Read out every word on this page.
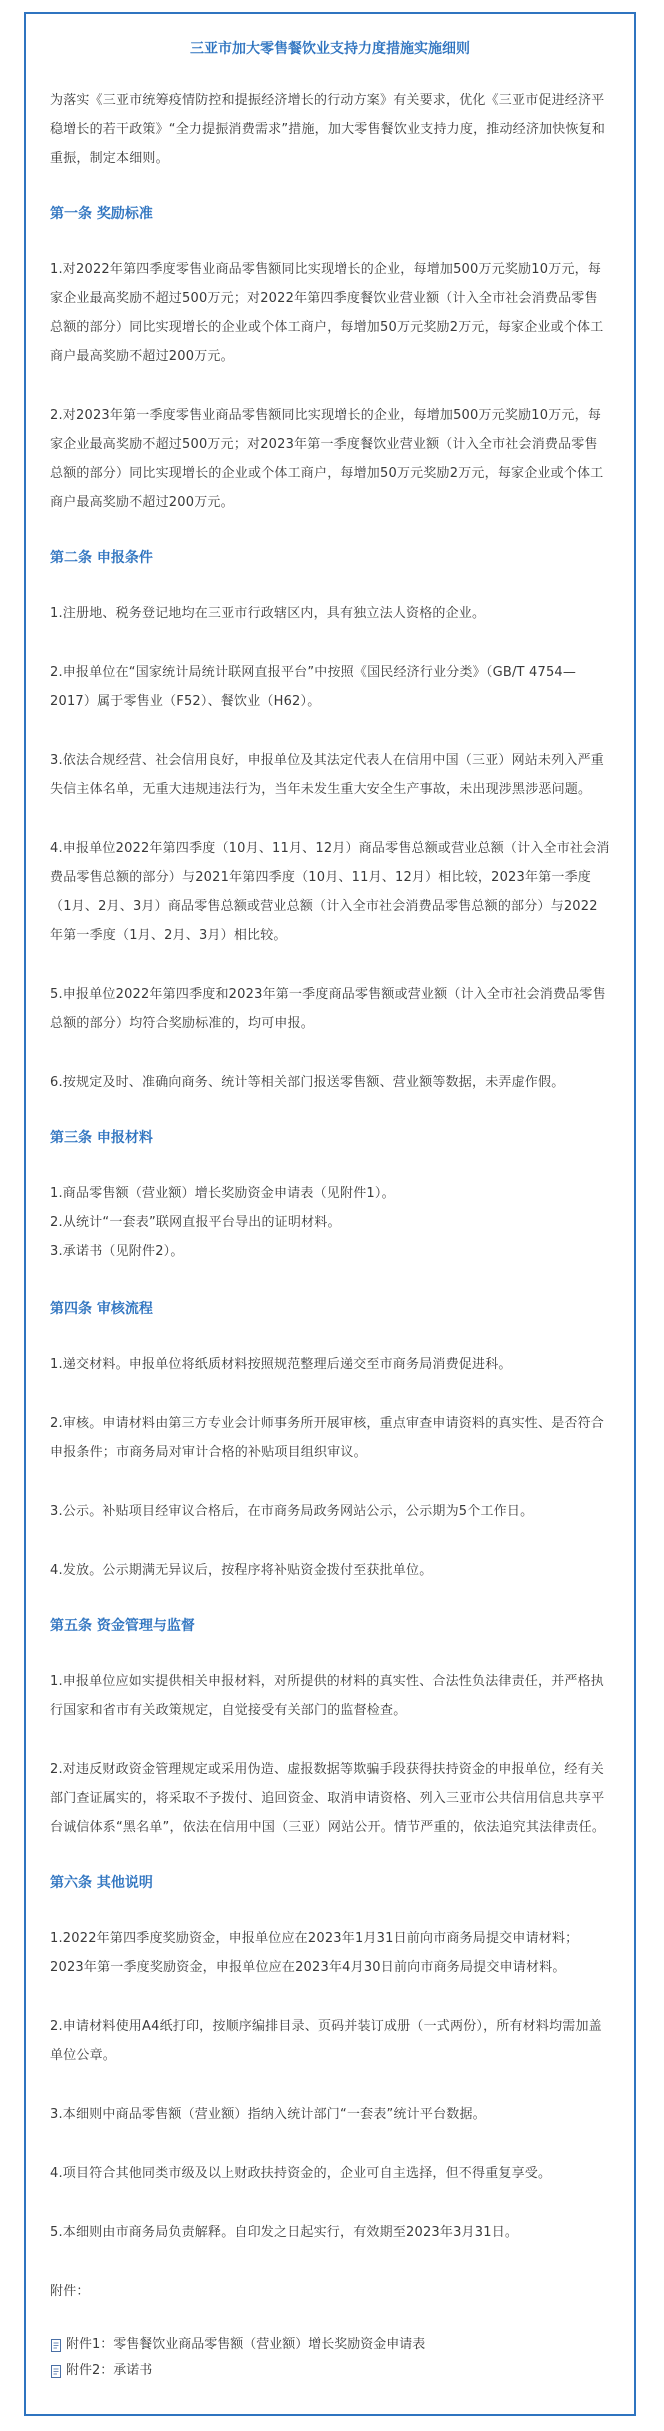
三亚市加大零售餐饮业支持力度措施实施细则

为落实《三亚市统筹疫情防控和提振经济增长的行动方案》有关要求，优化《三亚市促进经济平稳增长的若干政策》“全力提振消费需求”措施，加大零售餐饮业支持力度，推动经济加快恢复和重振，制定本细则。

第一条 奖励标准

1.对2022年第四季度零售业商品零售额同比实现增长的企业，每增加500万元奖励10万元，每家企业最高奖励不超过500万元；对2022年第四季度餐饮业营业额（计入全市社会消费品零售总额的部分）同比实现增长的企业或个体工商户，每增加50万元奖励2万元，每家企业或个体工商户最高奖励不超过200万元。

2.对2023年第一季度零售业商品零售额同比实现增长的企业，每增加500万元奖励10万元，每家企业最高奖励不超过500万元；对2023年第一季度餐饮业营业额（计入全市社会消费品零售总额的部分）同比实现增长的企业或个体工商户，每增加50万元奖励2万元，每家企业或个体工商户最高奖励不超过200万元。

第二条 申报条件

1.注册地、税务登记地均在三亚市行政辖区内，具有独立法人资格的企业。

2.申报单位在“国家统计局统计联网直报平台”中按照《国民经济行业分类》（GB/T 4754—2017）属于零售业（F52）、餐饮业（H62）。

3.依法合规经营、社会信用良好，申报单位及其法定代表人在信用中国（三亚）网站未列入严重失信主体名单，无重大违规违法行为，当年未发生重大安全生产事故，未出现涉黑涉恶问题。

4.申报单位2022年第四季度（10月、11月、12月）商品零售总额或营业总额（计入全市社会消费品零售总额的部分）与2021年第四季度（10月、11月、12月）相比较，2023年第一季度（1月、2月、3月）商品零售总额或营业总额（计入全市社会消费品零售总额的部分）与2022年第一季度（1月、2月、3月）相比较。

5.申报单位2022年第四季度和2023年第一季度商品零售额或营业额（计入全市社会消费品零售总额的部分）均符合奖励标准的，均可申报。

6.按规定及时、准确向商务、统计等相关部门报送零售额、营业额等数据，未弄虚作假。

第三条 申报材料

1.商品零售额（营业额）增长奖励资金申请表（见附件1）。

2.从统计“一套表”联网直报平台导出的证明材料。

3.承诺书（见附件2）。

第四条 审核流程

1.递交材料。申报单位将纸质材料按照规范整理后递交至市商务局消费促进科。

2.审核。申请材料由第三方专业会计师事务所开展审核，重点审查申请资料的真实性、是否符合申报条件；市商务局对审计合格的补贴项目组织审议。

3.公示。补贴项目经审议合格后，在市商务局政务网站公示，公示期为5个工作日。

4.发放。公示期满无异议后，按程序将补贴资金拨付至获批单位。

第五条 资金管理与监督

1.申报单位应如实提供相关申报材料，对所提供的材料的真实性、合法性负法律责任，并严格执行国家和省市有关政策规定，自觉接受有关部门的监督检查。

2.对违反财政资金管理规定或采用伪造、虚报数据等欺骗手段获得扶持资金的申报单位，经有关部门查证属实的，将采取不予拨付、追回资金、取消申请资格、列入三亚市公共信用信息共享平台诚信体系“黑名单”，依法在信用中国（三亚）网站公开。情节严重的，依法追究其法律责任。

第六条 其他说明

1.2022年第四季度奖励资金，申报单位应在2023年1月31日前向市商务局提交申请材料；2023年第一季度奖励资金，申报单位应在2023年4月30日前向市商务局提交申请材料。

2.申请材料使用A4纸打印，按顺序编排目录、页码并装订成册（一式两份），所有材料均需加盖单位公章。

3.本细则中商品零售额（营业额）指纳入统计部门“一套表”统计平台数据。

4.项目符合其他同类市级及以上财政扶持资金的，企业可自主选择，但不得重复享受。

5.本细则由市商务局负责解释。自印发之日起实行，有效期至2023年3月31日。

附件：

附件1：零售餐饮业商品零售额（营业额）增长奖励资金申请表
附件2：承诺书
